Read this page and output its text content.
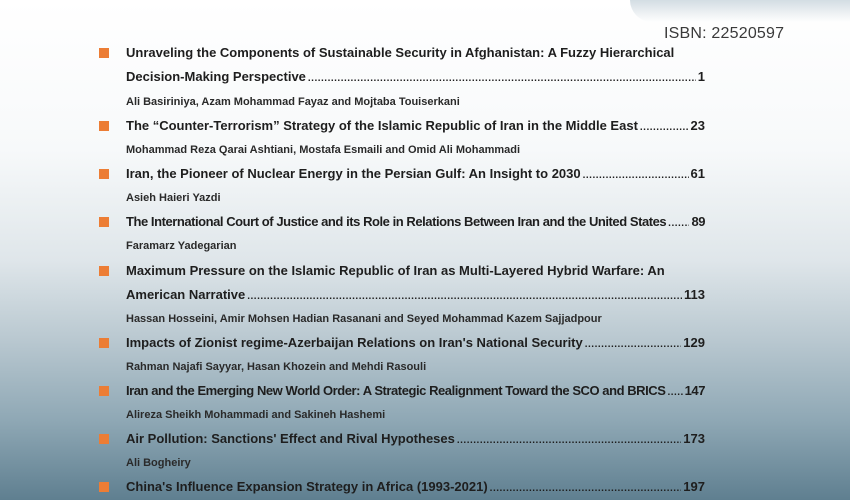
ISBN: 22520597
Unraveling the Components of Sustainable Security in Afghanistan: A Fuzzy Hierarchical
Decision-Making Perspective .....	1
Ali Basiriniya, Azam Mohammad Fayaz and Mojtaba Touiserkani
The “Counter-Terrorism” Strategy of the Islamic Republic of Iran in the Middle East .....	23
Mohammad Reza Qarai Ashtiani, Mostafa Esmaili and Omid Ali Mohammadi
Iran, the Pioneer of Nuclear Energy in the Persian Gulf: An Insight to 2030 .....	61
Asieh Haieri Yazdi
The International Court of Justice and its Role in Relations Between Iran and the United States ..... 89
Faramarz Yadegarian
Maximum Pressure on the Islamic Republic of Iran as Multi-Layered Hybrid Warfare: An
American Narrative .....	113
Hassan Hosseini, Amir Mohsen Hadian Rasanani and Seyed Mohammad Kazem Sajjadpour
Impacts of Zionist regime-Azerbaijan Relations on Iran's National Security .....	129
Rahman Najafi Sayyar, Hasan Khozein and Mehdi Rasouli
Iran and the Emerging New World Order: A Strategic Realignment Toward the SCO and BRICS ..... 147
Alireza Sheikh Mohammadi and Sakineh Hashemi
Air Pollution: Sanctions' Effect and Rival Hypotheses .....	173
Ali Bogheiry
China's Influence Expansion Strategy in Africa (1993-2021) .....	197
